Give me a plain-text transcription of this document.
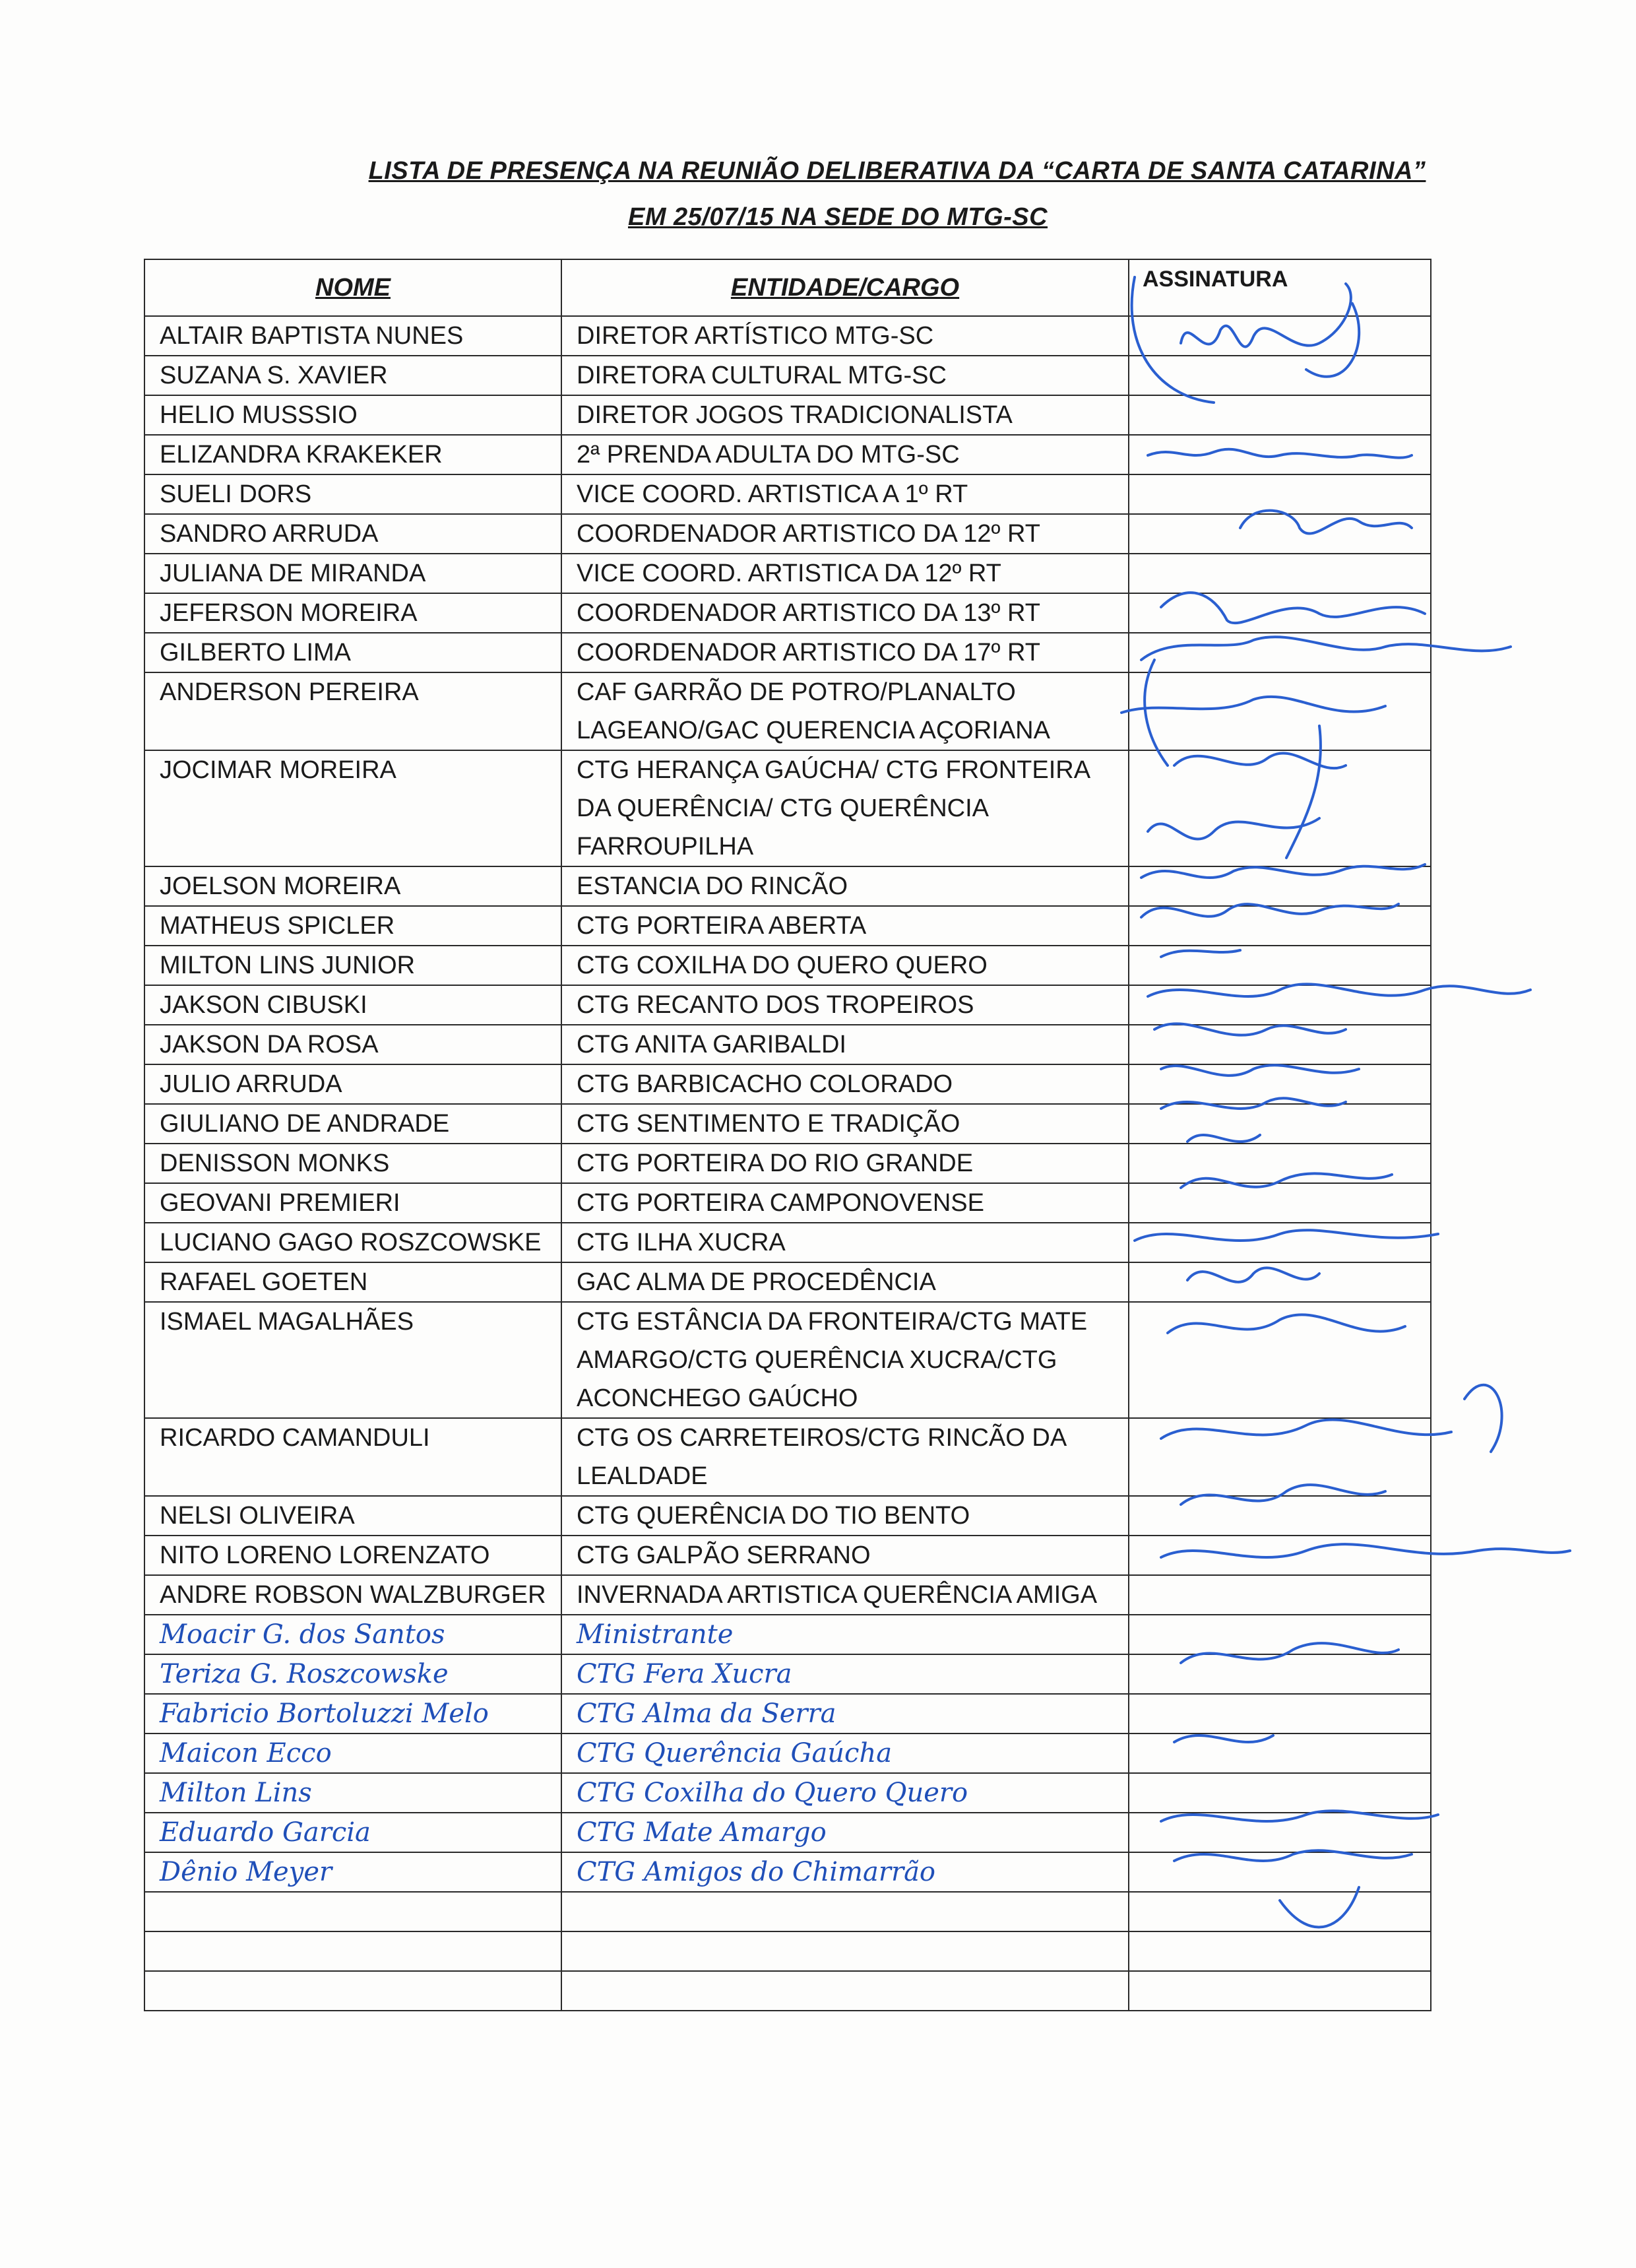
LISTA DE PRESENÇA NA REUNIÃO DELIBERATIVA DA “CARTA DE SANTA CATARINA”
EM 25/07/15 NA SEDE DO MTG-SC
NOME	ENTIDADE/CARGO	ASSINATURA
ALTAIR BAPTISTA NUNES	DIRETOR ARTÍSTICO MTG-SC	
SUZANA S. XAVIER	DIRETORA CULTURAL MTG-SC	
HELIO MUSSSIO	DIRETOR JOGOS TRADICIONALISTA	
ELIZANDRA KRAKEKER	2ª PRENDA ADULTA DO MTG-SC	
SUELI DORS	VICE COORD. ARTISTICA A 1º RT	
SANDRO ARRUDA	COORDENADOR ARTISTICO DA 12º RT	
JULIANA DE MIRANDA	VICE COORD. ARTISTICA DA 12º RT	
JEFERSON MOREIRA	COORDENADOR ARTISTICO DA 13º RT	
GILBERTO LIMA	COORDENADOR ARTISTICO DA 17º RT	
ANDERSON PEREIRA	CAF GARRÃO DE POTRO/PLANALTO LAGEANO/GAC QUERENCIA AÇORIANA	
JOCIMAR MOREIRA	CTG HERANÇA GAÚCHA/ CTG FRONTEIRA DA QUERÊNCIA/ CTG QUERÊNCIA FARROUPILHA	
JOELSON MOREIRA	ESTANCIA DO RINCÃO	
MATHEUS SPICLER	CTG PORTEIRA ABERTA	
MILTON LINS JUNIOR	CTG COXILHA DO QUERO QUERO	
JAKSON CIBUSKI	CTG RECANTO DOS TROPEIROS	
JAKSON DA ROSA	CTG ANITA GARIBALDI	
JULIO ARRUDA	CTG BARBICACHO COLORADO	
GIULIANO DE ANDRADE	CTG SENTIMENTO E TRADIÇÃO	
DENISSON MONKS	CTG PORTEIRA DO RIO GRANDE	
GEOVANI PREMIERI	CTG PORTEIRA CAMPONOVENSE	
LUCIANO GAGO ROSZCOWSKE	CTG ILHA XUCRA	
RAFAEL GOETEN	GAC ALMA DE PROCEDÊNCIA	
ISMAEL MAGALHÃES	CTG ESTÂNCIA DA FRONTEIRA/CTG MATE AMARGO/CTG QUERÊNCIA XUCRA/CTG ACONCHEGO GAÚCHO	
RICARDO CAMANDULI	CTG OS CARRETEIROS/CTG RINCÃO DA LEALDADE	
NELSI OLIVEIRA	CTG QUERÊNCIA DO TIO BENTO	
NITO LORENO LORENZATO	CTG GALPÃO SERRANO	
ANDRE ROBSON WALZBURGER	INVERNADA ARTISTICA QUERÊNCIA AMIGA	
Moacir G. dos Santos	Ministrante	
Teriza G. Roszcowske	CTG Fera Xucra	
Fabricio Bortoluzzi Melo	CTG Alma da Serra	
Maicon Ecco	CTG Querência Gaúcha	
Milton Lins	CTG Coxilha do Quero Quero	
Eduardo Garcia	CTG Mate Amargo	
Dênio Meyer	CTG Amigos do Chimarrão	
